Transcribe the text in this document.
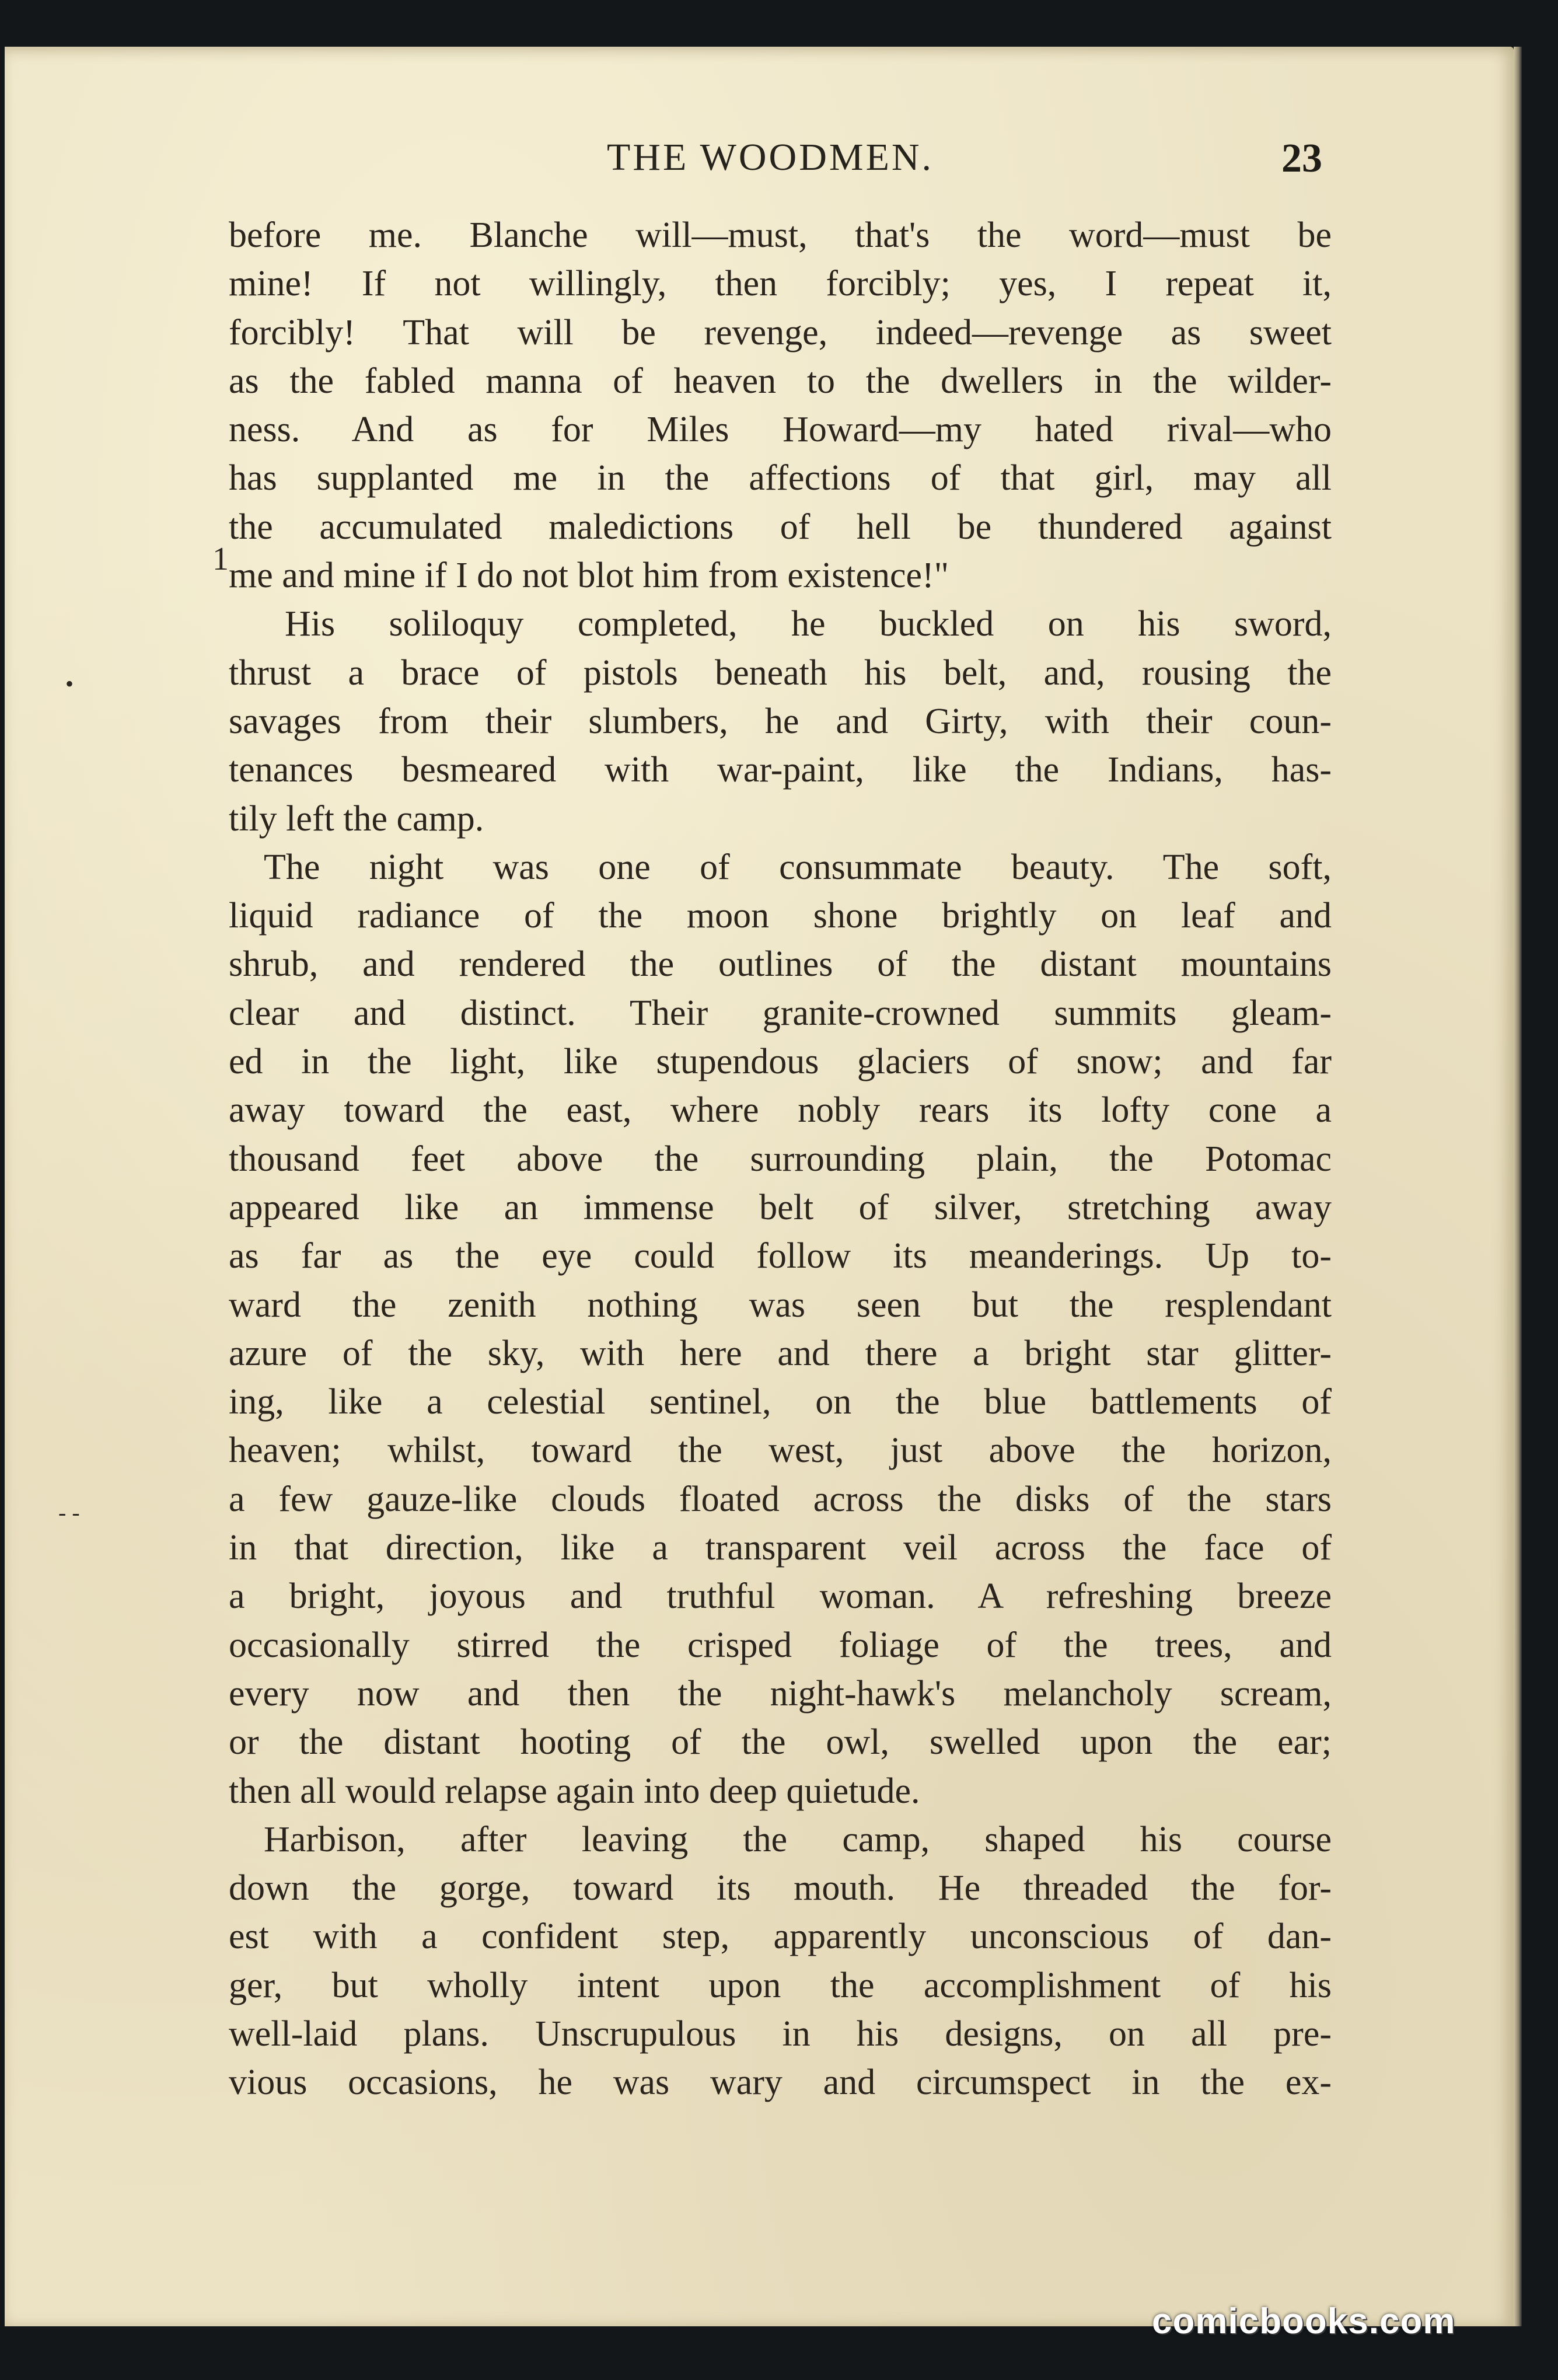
THE WOODMEN.	23
before me. Blanche will—must, that's the word—must be
mine! If not willingly, then forcibly; yes, I repeat it,
forcibly! That will be revenge, indeed—revenge as sweet
as the fabled manna of heaven to the dwellers in the wilder-
ness. And as for Miles Howard—my hated rival—who
has supplanted me in the affections of that girl, may all
the accumulated maledictions of hell be thundered against
me and mine if I do not blot him from existence!"
His soliloquy completed, he buckled on his sword,
thrust a brace of pistols beneath his belt, and, rousing the
savages from their slumbers, he and Girty, with their coun-
tenances besmeared with war-paint, like the Indians, has-
tily left the camp.
The night was one of consummate beauty. The soft,
liquid radiance of the moon shone brightly on leaf and
shrub, and rendered the outlines of the distant mountains
clear and distinct. Their granite-crowned summits gleam-
ed in the light, like stupendous glaciers of snow; and far
away toward the east, where nobly rears its lofty cone a
thousand feet above the surrounding plain, the Potomac
appeared like an immense belt of silver, stretching away
as far as the eye could follow its meanderings. Up to-
ward the zenith nothing was seen but the resplendant
azure of the sky, with here and there a bright star glitter-
ing, like a celestial sentinel, on the blue battlements of
heaven; whilst, toward the west, just above the horizon,
a few gauze-like clouds floated across the disks of the stars
in that direction, like a transparent veil across the face of
a bright, joyous and truthful woman. A refreshing breeze
occasionally stirred the crisped foliage of the trees, and
every now and then the night-hawk's melancholy scream,
or the distant hooting of the owl, swelled upon the ear;
then all would relapse again into deep quietude.
Harbison, after leaving the camp, shaped his course
down the gorge, toward its mouth. He threaded the for-
est with a confident step, apparently unconscious of dan-
ger, but wholly intent upon the accomplishment of his
well-laid plans. Unscrupulous in his designs, on all pre-
vious occasions, he was wary and circumspect in the ex-
1
•
- -
comicbooks.com
